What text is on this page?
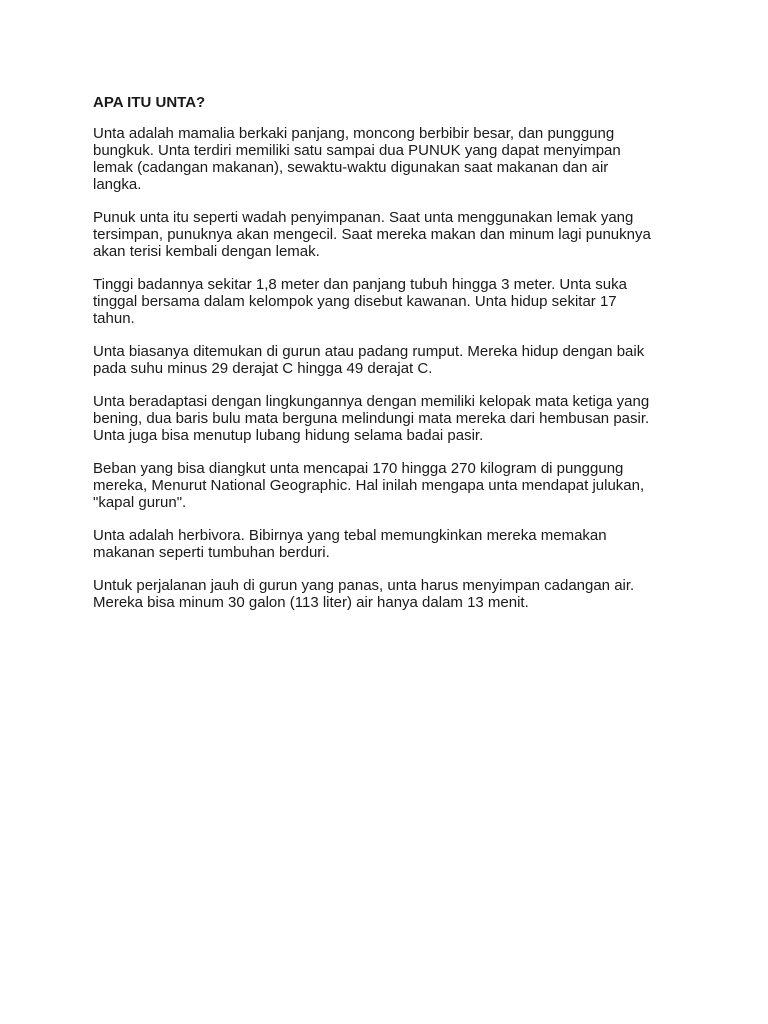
APA ITU UNTA?
Unta adalah mamalia berkaki panjang, moncong berbibir besar, dan punggung
bungkuk. Unta terdiri memiliki satu sampai dua PUNUK yang dapat menyimpan
lemak (cadangan makanan), sewaktu-waktu digunakan saat makanan dan air
langka.
Punuk unta itu seperti wadah penyimpanan. Saat unta menggunakan lemak yang
tersimpan, punuknya akan mengecil. Saat mereka makan dan minum lagi punuknya
akan terisi kembali dengan lemak.
Tinggi badannya sekitar 1,8 meter dan panjang tubuh hingga 3 meter. Unta suka
tinggal bersama dalam kelompok yang disebut kawanan. Unta hidup sekitar 17
tahun.
Unta biasanya ditemukan di gurun atau padang rumput. Mereka hidup dengan baik
pada suhu minus 29 derajat C hingga 49 derajat C.
Unta beradaptasi dengan lingkungannya dengan memiliki kelopak mata ketiga yang
bening, dua baris bulu mata berguna melindungi mata mereka dari hembusan pasir.
Unta juga bisa menutup lubang hidung selama badai pasir.
Beban yang bisa diangkut unta mencapai 170 hingga 270 kilogram di punggung
mereka, Menurut National Geographic. Hal inilah mengapa unta mendapat julukan,
"kapal gurun".
Unta adalah herbivora. Bibirnya yang tebal memungkinkan mereka memakan
makanan seperti tumbuhan berduri.
Untuk perjalanan jauh di gurun yang panas, unta harus menyimpan cadangan air.
Mereka bisa minum 30 galon (113 liter) air hanya dalam 13 menit.
